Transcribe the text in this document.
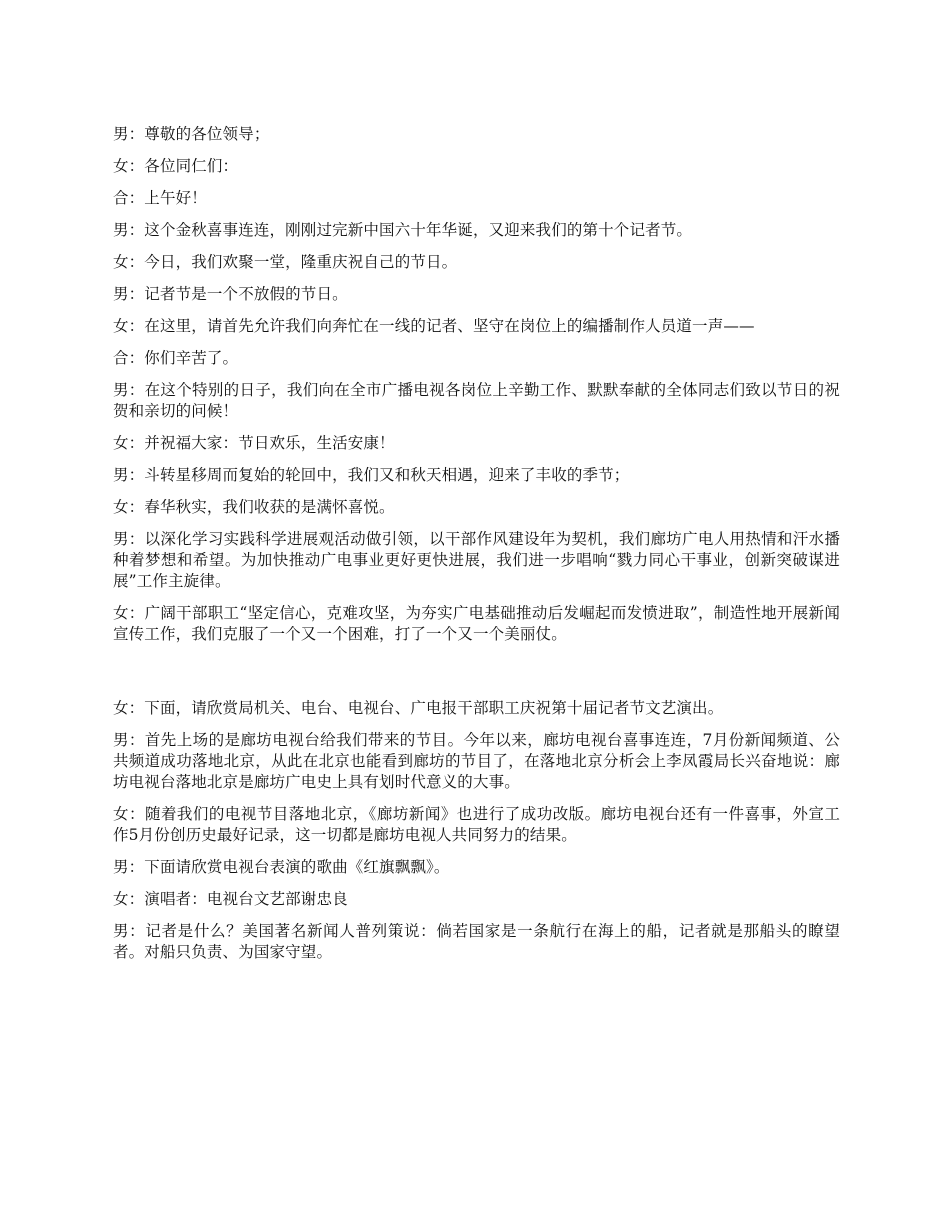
男：尊敬的各位领导；

女：各位同仁们：

合：上午好！

男：这个金秋喜事连连，刚刚过完新中国六十年华诞，又迎来我们的第十个记者节。

女：今日，我们欢聚一堂，隆重庆祝自己的节日。

男：记者节是一个不放假的节日。

女：在这里，请首先允许我们向奔忙在一线的记者、坚守在岗位上的编播制作人员道一声——

合：你们辛苦了。

男：在这个特别的日子，我们向在全市广播电视各岗位上辛勤工作、默默奉献的全体同志们致以节日的祝贺和亲切的问候！

女：并祝福大家：节日欢乐，生活安康！

男：斗转星移周而复始的轮回中，我们又和秋天相遇，迎来了丰收的季节；

女：春华秋实，我们收获的是满怀喜悦。

男：以深化学习实践科学进展观活动做引领，以干部作风建设年为契机，我们廊坊广电人用热情和汗水播种着梦想和希望。为加快推动广电事业更好更快进展，我们进一步唱响“戮力同心干事业，创新突破谋进展”工作主旋律。

女：广阔干部职工“坚定信心，克难攻坚，为夯实广电基础推动后发崛起而发愤进取”，制造性地开展新闻宣传工作，我们克服了一个又一个困难，打了一个又一个美丽仗。

女：下面，请欣赏局机关、电台、电视台、广电报干部职工庆祝第十届记者节文艺演出。

男：首先上场的是廊坊电视台给我们带来的节目。今年以来，廊坊电视台喜事连连，7月份新闻频道、公共频道成功落地北京，从此在北京也能看到廊坊的节目了，在落地北京分析会上李凤霞局长兴奋地说：廊坊电视台落地北京是廊坊广电史上具有划时代意义的大事。

女：随着我们的电视节目落地北京，《廊坊新闻》也进行了成功改版。廊坊电视台还有一件喜事，外宣工作5月份创历史最好记录，这一切都是廊坊电视人共同努力的结果。

男：下面请欣赏电视台表演的歌曲《红旗飘飘》。

女：演唱者：电视台文艺部谢忠良

男：记者是什么？美国著名新闻人普列策说：倘若国家是一条航行在海上的船，记者就是那船头的瞭望者。对船只负责、为国家守望。
